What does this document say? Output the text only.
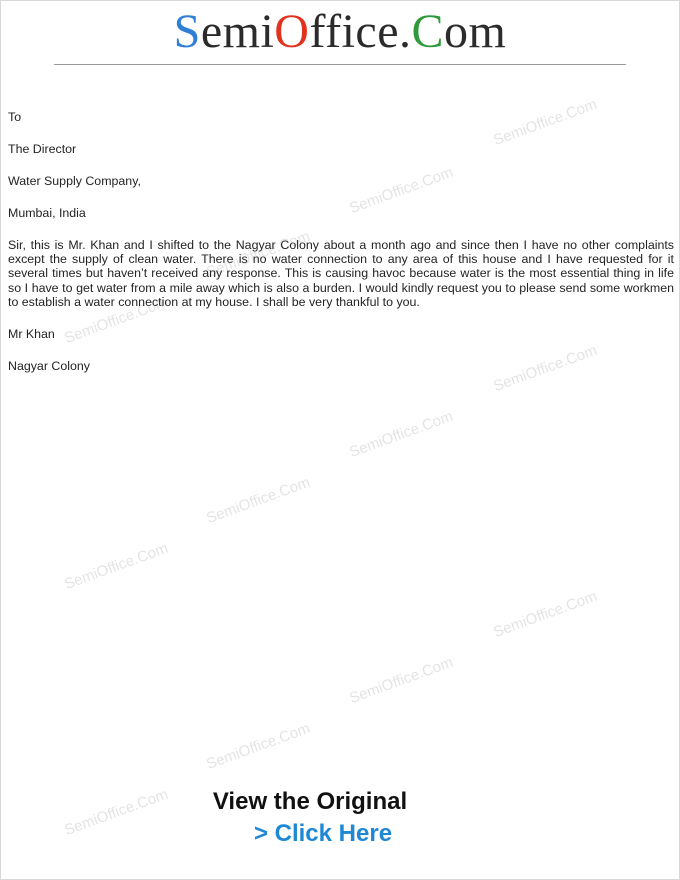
SemiOffice.Com
To
The Director
Water Supply Company,
Mumbai, India
Sir, this is Mr. Khan and I shifted to the Nagyar Colony about a month ago and since then I have no other complaints except the supply of clean water. There is no water connection to any area of this house and I have requested for it several times but haven’t received any response. This is causing havoc because water is the most essential thing in life so I have to get water from a mile away which is also a burden. I would kindly request you to please send some workmen to establish a water connection at my house. I shall be very thankful to you.
Mr Khan
Nagyar Colony
View the Original
> Click Here
